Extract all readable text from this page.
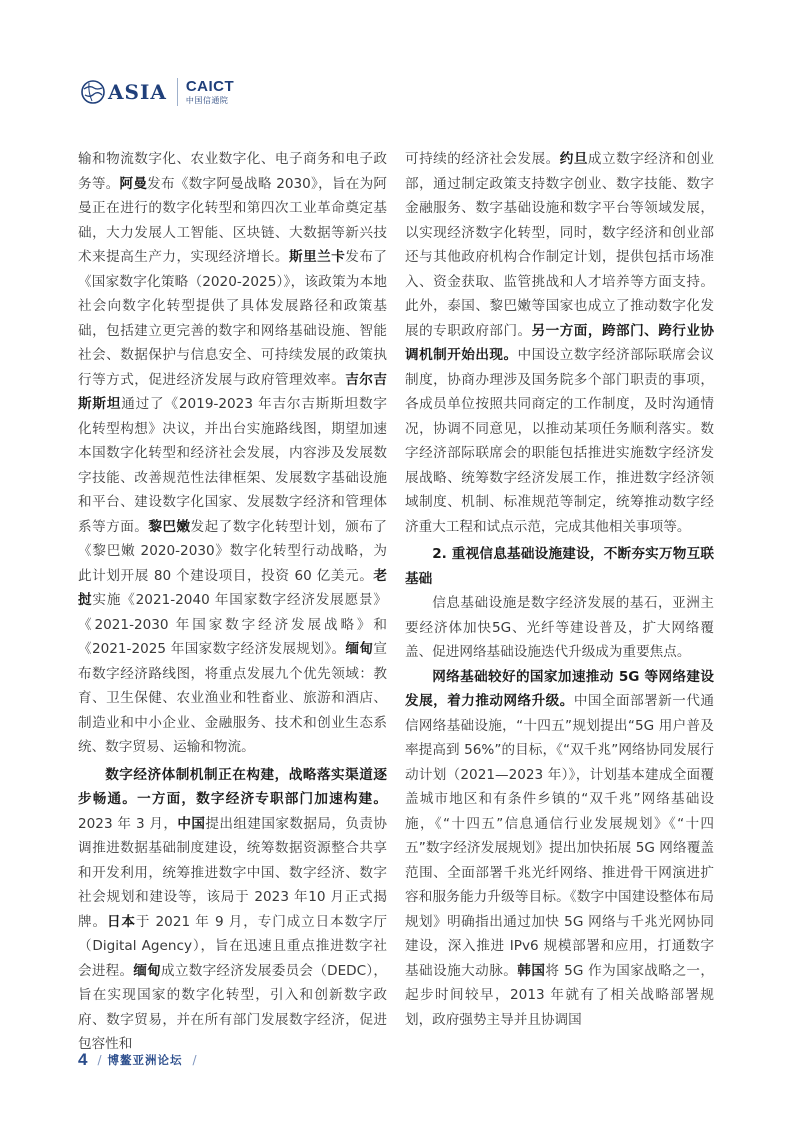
ASIA CAICT
中国信通院

输和物流数字化、农业数字化、电子商务和电子政务等。阿曼发布《数字阿曼战略 2030》，旨在为阿曼正在进行的数字化转型和第四次工业革命奠定基础，大力发展人工智能、区块链、大数据等新兴技术来提高生产力，实现经济增长。斯里兰卡发布了《国家数字化策略（2020-2025）》，该政策为本地社会向数字化转型提供了具体发展路径和政策基础，包括建立更完善的数字和网络基础设施、智能社会、数据保护与信息安全、可持续发展的政策执行等方式，促进经济发展与政府管理效率。吉尔吉斯斯坦通过了《2019-2023 年吉尔吉斯斯坦数字化转型构想》决议，并出台实施路线图，期望加速本国数字化转型和经济社会发展，内容涉及发展数字技能、改善规范性法律框架、发展数字基础设施和平台、建设数字化国家、发展数字经济和管理体系等方面。黎巴嫩发起了数字化转型计划，颁布了《黎巴嫩 2020-2030》数字化转型行动战略，为此计划开展 80 个建设项目，投资 60 亿美元。老挝实施《2021-2040 年国家数字经济发展愿景》《2021-2030 年国家数字经济发展战略》和《2021-2025 年国家数字经济发展规划》。缅甸宣布数字经济路线图，将重点发展九个优先领域：教育、卫生保健、农业渔业和牲畜业、旅游和酒店、制造业和中小企业、金融服务、技术和创业生态系统、数字贸易、运输和物流。

数字经济体制机制正在构建，战略落实渠道逐步畅通。一方面，数字经济专职部门加速构建。2023 年 3 月，中国提出组建国家数据局，负责协调推进数据基础制度建设，统筹数据资源整合共享和开发利用，统筹推进数字中国、数字经济、数字社会规划和建设等，该局于 2023 年10 月正式揭牌。日本于 2021 年 9 月，专门成立日本数字厅（Digital Agency），旨在迅速且重点推进数字社会进程。缅甸成立数字经济发展委员会（DEDC），旨在实现国家的数字化转型，引入和创新数字政府、数字贸易，并在所有部门发展数字经济，促进包容性和

可持续的经济社会发展。约旦成立数字经济和创业部，通过制定政策支持数字创业、数字技能、数字金融服务、数字基础设施和数字平台等领域发展，以实现经济数字化转型，同时，数字经济和创业部还与其他政府机构合作制定计划，提供包括市场准入、资金获取、监管挑战和人才培养等方面支持。此外，泰国、黎巴嫩等国家也成立了推动数字化发展的专职政府部门。另一方面，跨部门、跨行业协调机制开始出现。中国设立数字经济部际联席会议制度，协商办理涉及国务院多个部门职责的事项，各成员单位按照共同商定的工作制度，及时沟通情况，协调不同意见，以推动某项任务顺利落实。数字经济部际联席会的职能包括推进实施数字经济发展战略、统筹数字经济发展工作，推进数字经济领域制度、机制、标准规范等制定，统筹推动数字经济重大工程和试点示范，完成其他相关事项等。

2. 重视信息基础设施建设，不断夯实万物互联基础

信息基础设施是数字经济发展的基石，亚洲主要经济体加快5G、光纤等建设普及，扩大网络覆盖、促进网络基础设施迭代升级成为重要焦点。

网络基础较好的国家加速推动 5G 等网络建设发展，着力推动网络升级。中国全面部署新一代通信网络基础设施，“十四五”规划提出“5G 用户普及率提高到 56%”的目标，《“双千兆”网络协同发展行动计划（2021—2023 年）》，计划基本建成全面覆盖城市地区和有条件乡镇的“双千兆”网络基础设施，《“十四五”信息通信行业发展规划》《“十四五”数字经济发展规划》提出加快拓展 5G 网络覆盖范围、全面部署千兆光纤网络、推进骨干网演进扩容和服务能力升级等目标。《数字中国建设整体布局规划》明确指出通过加快 5G 网络与千兆光网协同建设，深入推进 IPv6 规模部署和应用，打通数字基础设施大动脉。韩国将 5G 作为国家战略之一，起步时间较早，2013 年就有了相关战略部署规划，政府强势主导并且协调国

4 / 博鳌亚洲论坛 /
